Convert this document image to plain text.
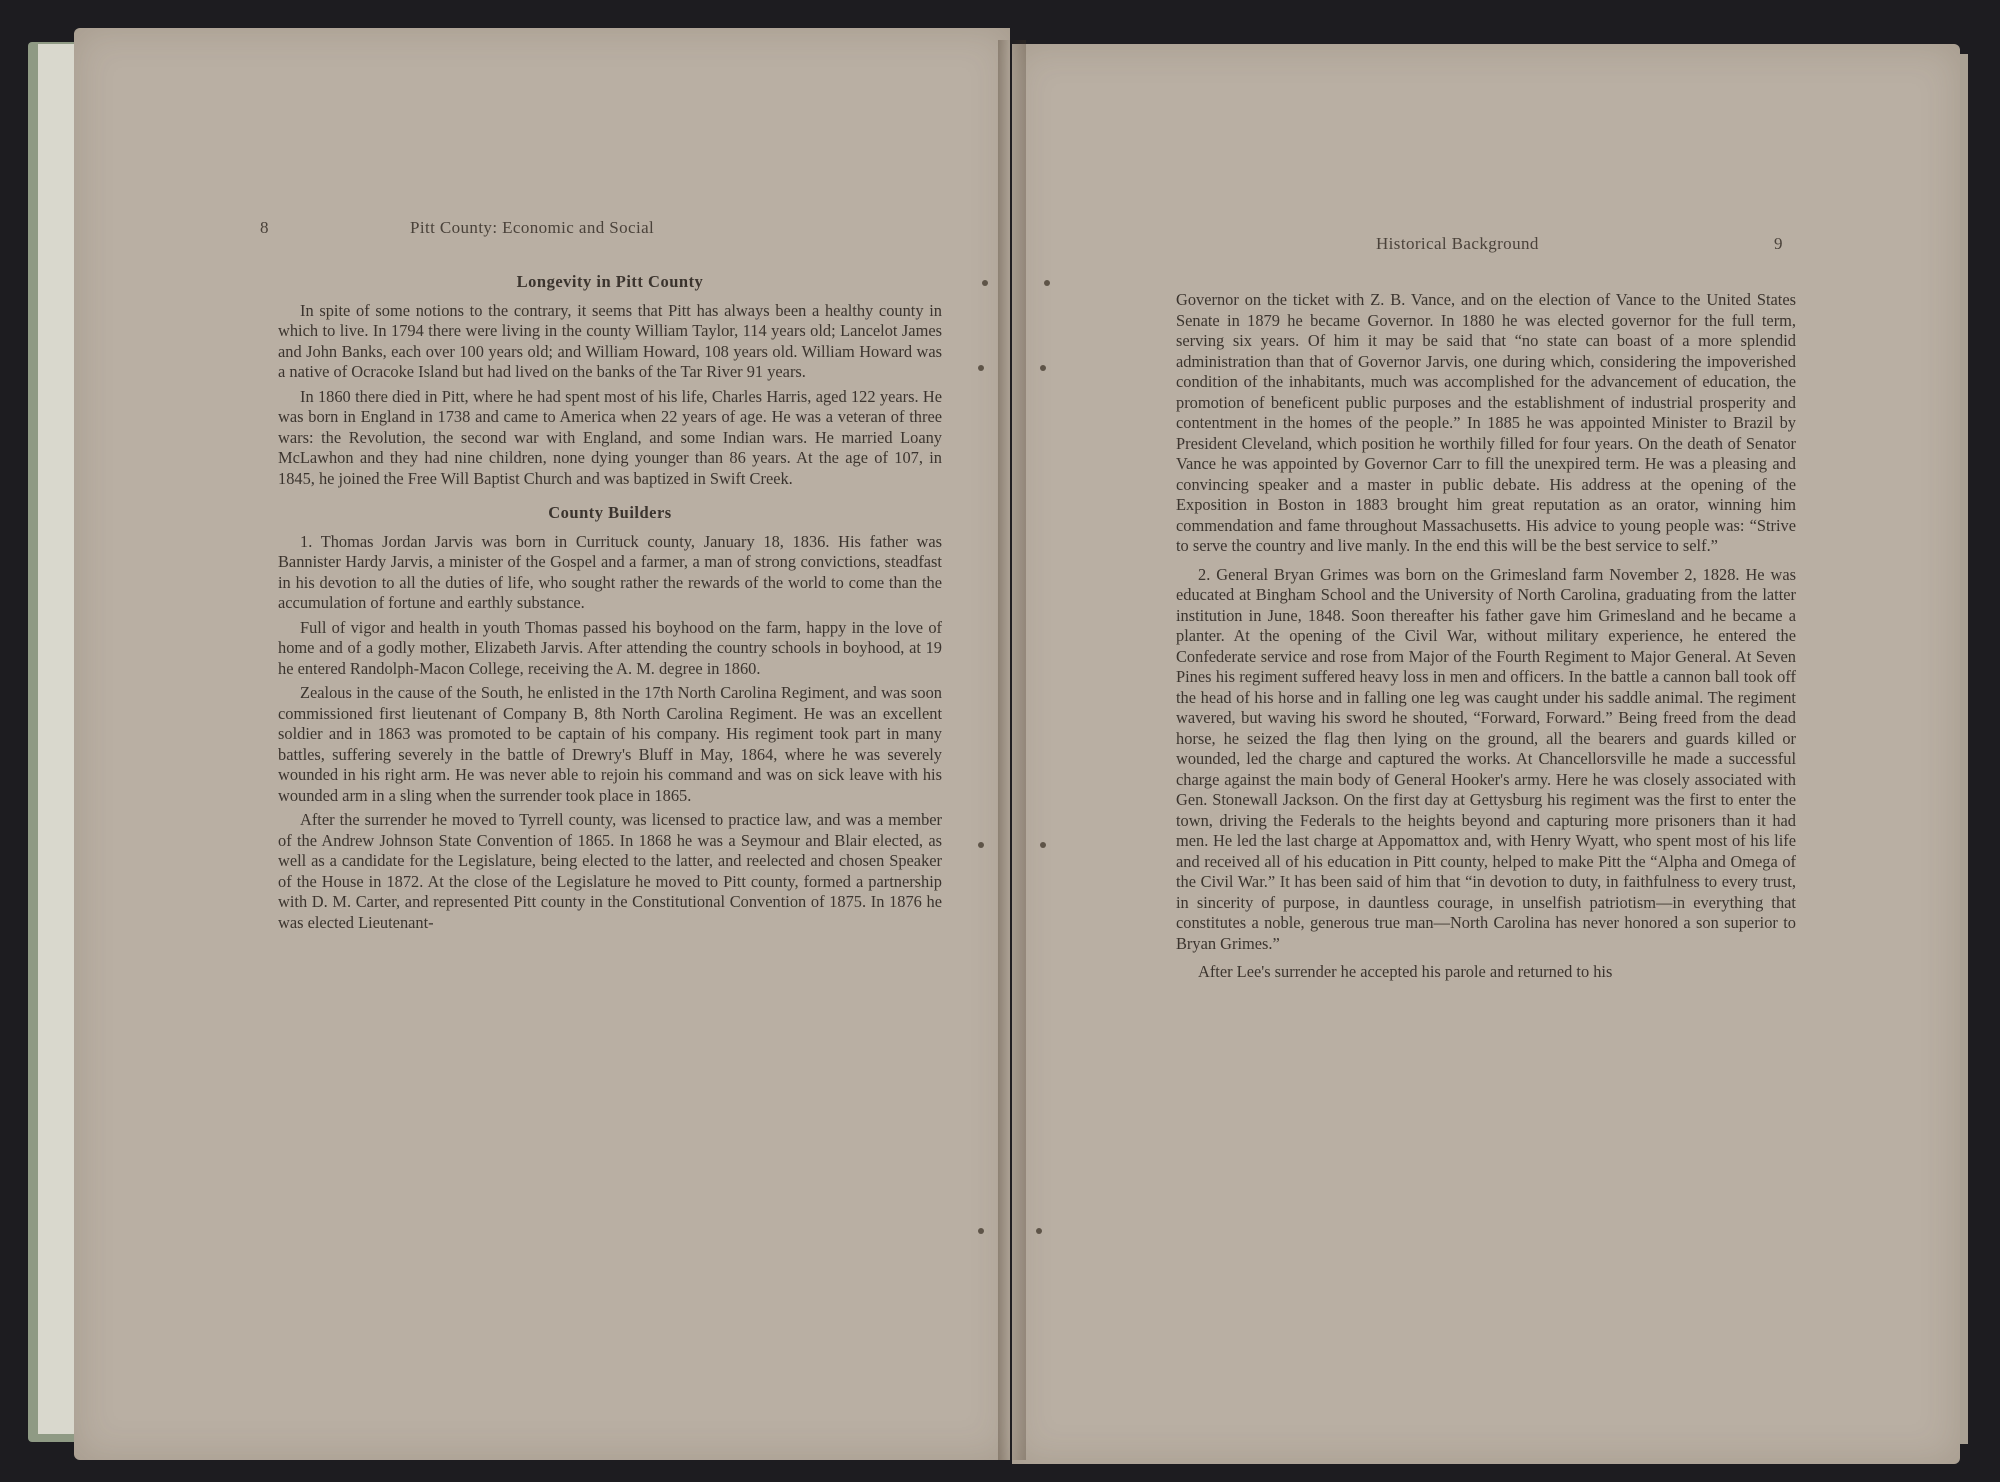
8	Pitt County: Economic and Social
Longevity in Pitt County

In spite of some notions to the contrary, it seems that Pitt has always been a healthy county in which to live. In 1794 there were living in the county William Taylor, 114 years old; Lancelot James and John Banks, each over 100 years old; and William Howard, 108 years old. William Howard was a native of Ocracoke Island but had lived on the banks of the Tar River 91 years.

In 1860 there died in Pitt, where he had spent most of his life, Charles Harris, aged 122 years. He was born in England in 1738 and came to America when 22 years of age. He was a veteran of three wars: the Revolution, the second war with England, and some Indian wars. He married Loany McLawhon and they had nine children, none dying younger than 86 years. At the age of 107, in 1845, he joined the Free Will Baptist Church and was baptized in Swift Creek.

County Builders

1. Thomas Jordan Jarvis was born in Currituck county, January 18, 1836. His father was Bannister Hardy Jarvis, a minister of the Gospel and a farmer, a man of strong convictions, steadfast in his devotion to all the duties of life, who sought rather the rewards of the world to come than the accumulation of fortune and earthly substance.

Full of vigor and health in youth Thomas passed his boyhood on the farm, happy in the love of home and of a godly mother, Elizabeth Jarvis. After attending the country schools in boyhood, at 19 he entered Randolph-Macon College, receiving the A. M. degree in 1860.

Zealous in the cause of the South, he enlisted in the 17th North Carolina Regiment, and was soon commissioned first lieutenant of Company B, 8th North Carolina Regiment. He was an excellent soldier and in 1863 was promoted to be captain of his company. His regiment took part in many battles, suffering severely in the battle of Drewry's Bluff in May, 1864, where he was severely wounded in his right arm. He was never able to rejoin his command and was on sick leave with his wounded arm in a sling when the surrender took place in 1865.

After the surrender he moved to Tyrrell county, was licensed to practice law, and was a member of the Andrew Johnson State Convention of 1865. In 1868 he was a Seymour and Blair elected, as well as a candidate for the Legislature, being elected to the latter, and reelected and chosen Speaker of the House in 1872. At the close of the Legislature he moved to Pitt county, formed a partnership with D. M. Carter, and represented Pitt county in the Constitutional Convention of 1875. In 1876 he was elected Lieutenant-

Historical Background	9

Governor on the ticket with Z. B. Vance, and on the election of Vance to the United States Senate in 1879 he became Governor. In 1880 he was elected governor for the full term, serving six years. Of him it may be said that “no state can boast of a more splendid administration than that of Governor Jarvis, one during which, considering the impoverished condition of the inhabitants, much was accomplished for the advancement of education, the promotion of beneficent public purposes and the establishment of industrial prosperity and contentment in the homes of the people.” In 1885 he was appointed Minister to Brazil by President Cleveland, which position he worthily filled for four years. On the death of Senator Vance he was appointed by Governor Carr to fill the unexpired term. He was a pleasing and convincing speaker and a master in public debate. His address at the opening of the Exposition in Boston in 1883 brought him great reputation as an orator, winning him commendation and fame throughout Massachusetts. His advice to young people was: “Strive to serve the country and live manly. In the end this will be the best service to self.”

2. General Bryan Grimes was born on the Grimesland farm November 2, 1828. He was educated at Bingham School and the University of North Carolina, graduating from the latter institution in June, 1848. Soon thereafter his father gave him Grimesland and he became a planter. At the opening of the Civil War, without military experience, he entered the Confederate service and rose from Major of the Fourth Regiment to Major General. At Seven Pines his regiment suffered heavy loss in men and officers. In the battle a cannon ball took off the head of his horse and in falling one leg was caught under his saddle animal. The regiment wavered, but waving his sword he shouted, “Forward, Forward.” Being freed from the dead horse, he seized the flag then lying on the ground, all the bearers and guards killed or wounded, led the charge and captured the works. At Chancellorsville he made a successful charge against the main body of General Hooker's army. Here he was closely associated with Gen. Stonewall Jackson. On the first day at Gettysburg his regiment was the first to enter the town, driving the Federals to the heights beyond and capturing more prisoners than it had men. He led the last charge at Appomattox and, with Henry Wyatt, who spent most of his life and received all of his education in Pitt county, helped to make Pitt the “Alpha and Omega of the Civil War.” It has been said of him that “in devotion to duty, in faithfulness to every trust, in sincerity of purpose, in dauntless courage, in unselfish patriotism—in everything that constitutes a noble, generous true man—North Carolina has never honored a son superior to Bryan Grimes.”

After Lee's surrender he accepted his parole and returned to his
